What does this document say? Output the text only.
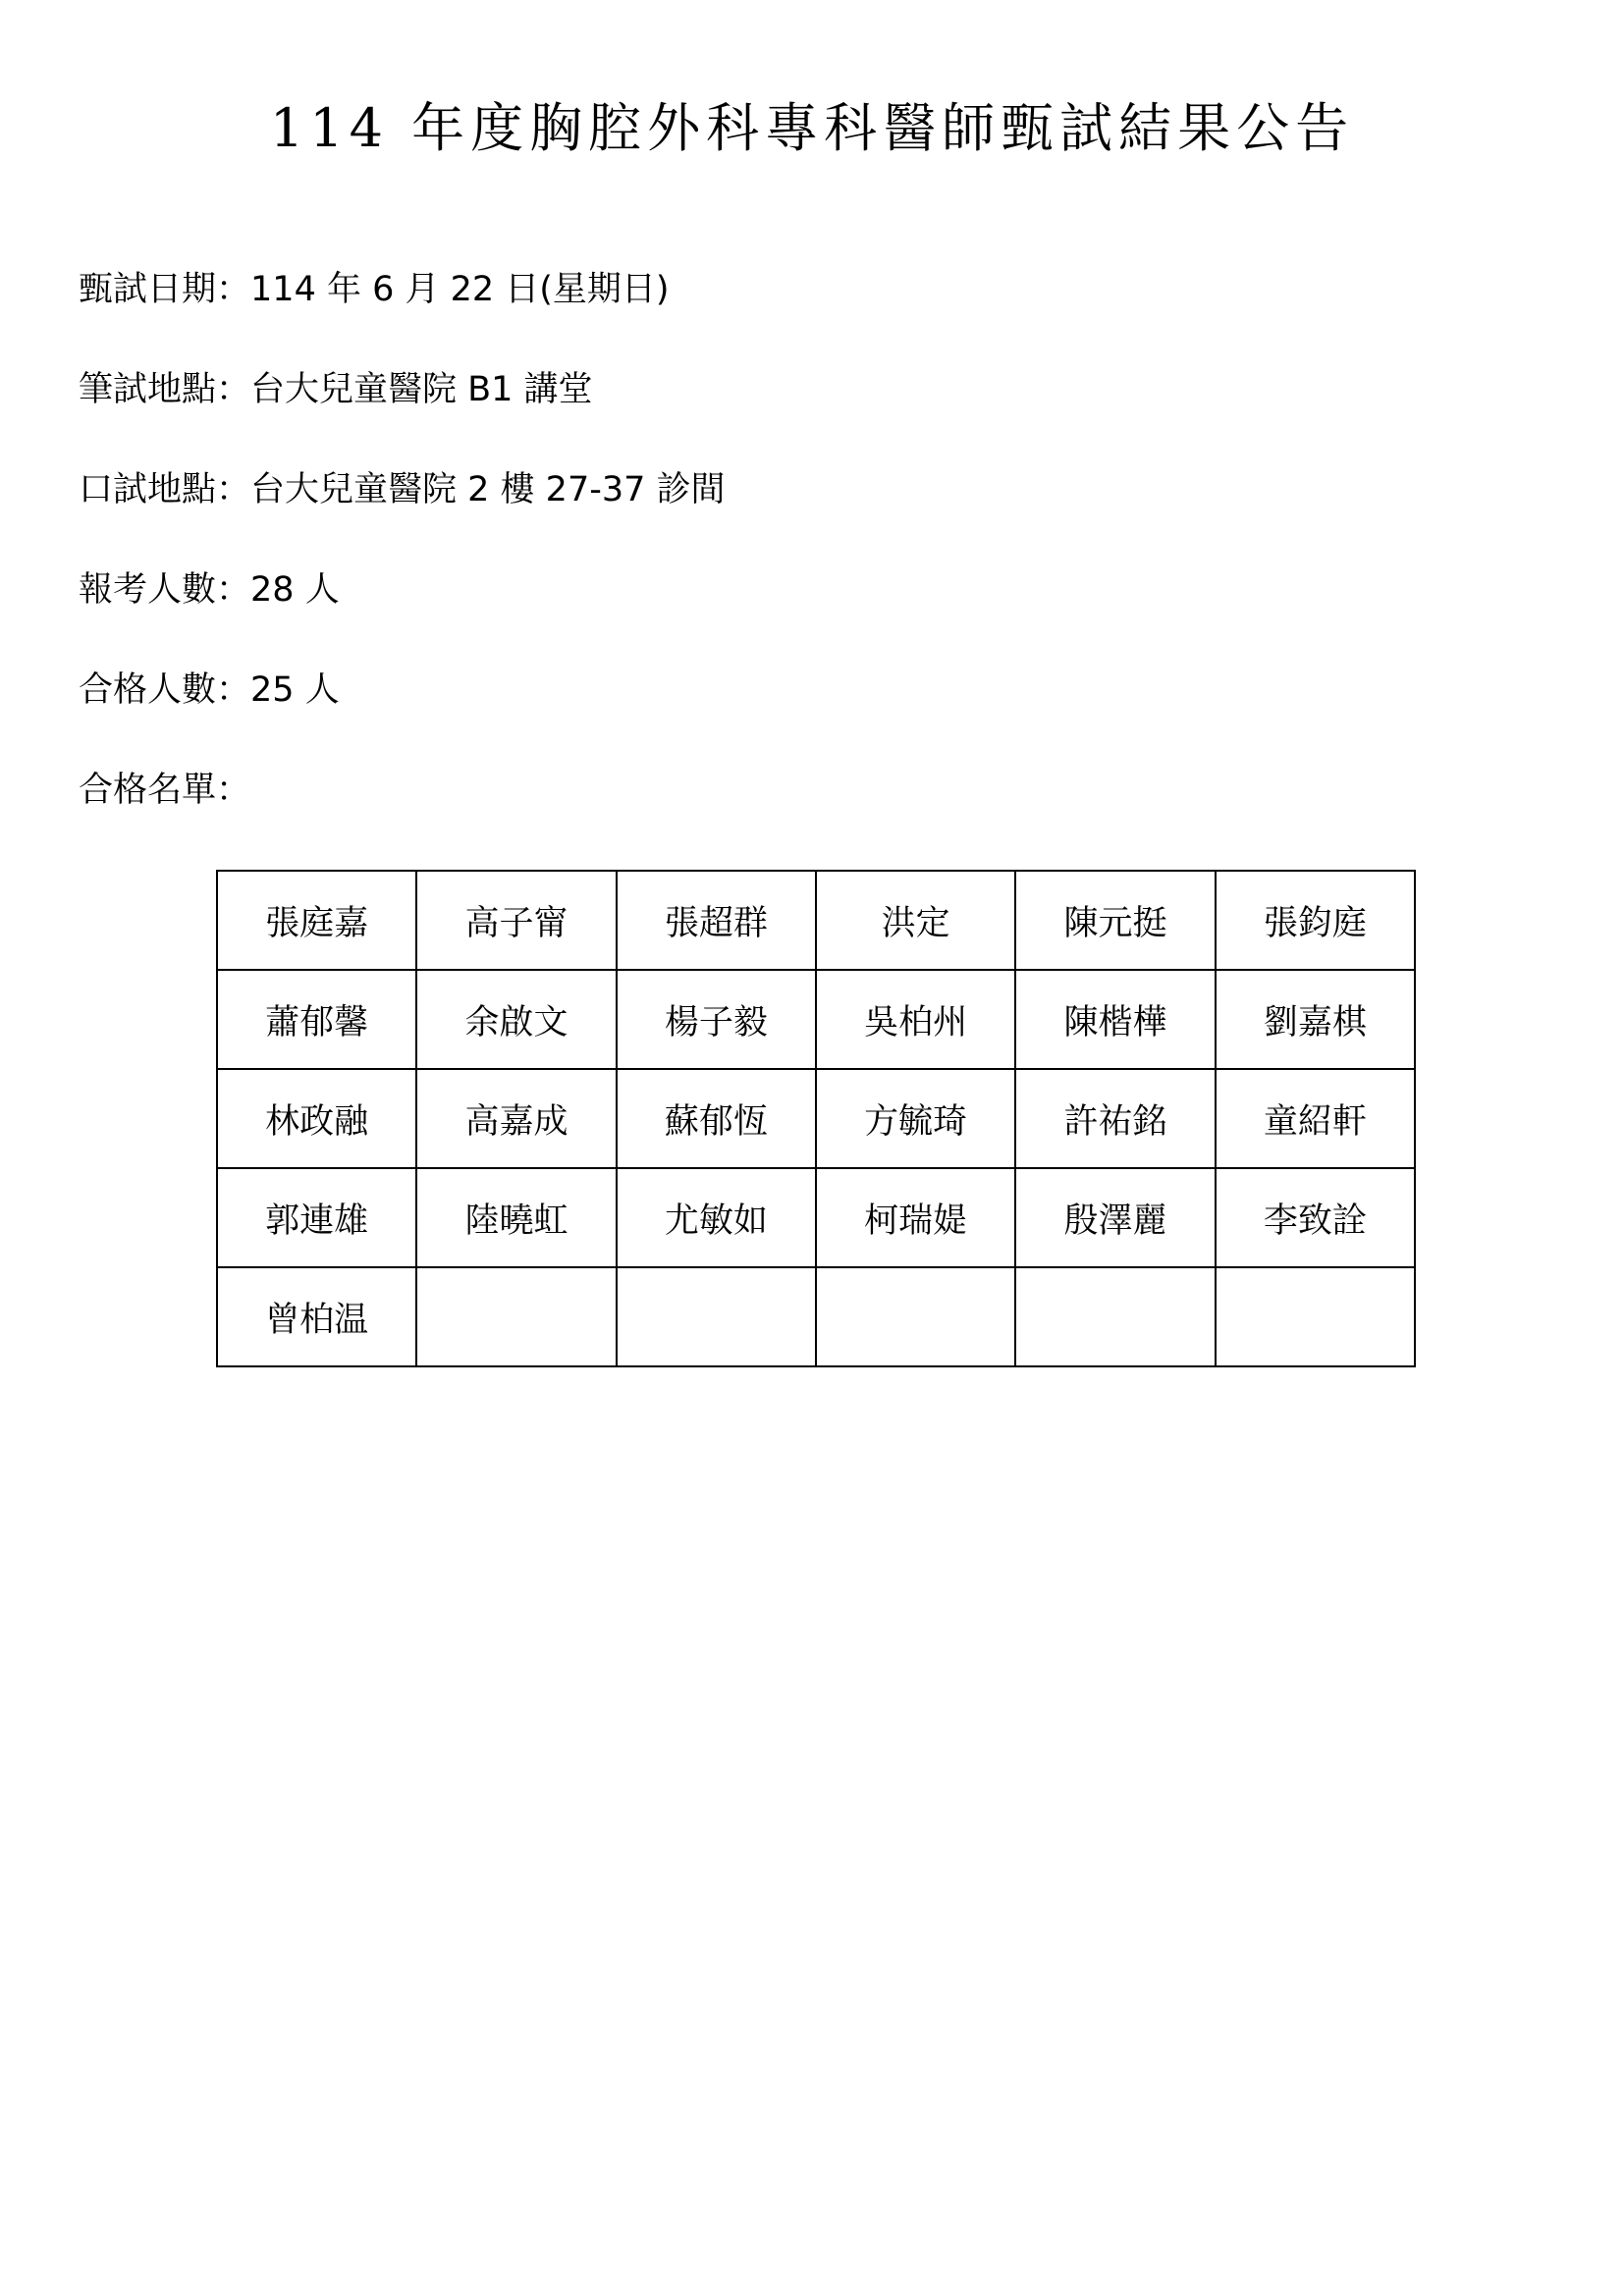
114 年度胸腔外科專科醫師甄試結果公告
甄試日期：114 年 6 月 22 日(星期日)
筆試地點：台大兒童醫院 B1 講堂
口試地點：台大兒童醫院 2 樓 27-37 診間
報考人數：28 人
合格人數：25 人
合格名單：
張庭嘉	高子甯	張超群	洪定	陳元挺	張鈞庭
蕭郁馨	余啟文	楊子毅	吳柏州	陳楷樺	劉嘉棋
林政融	高嘉成	蘇郁恆	方毓琦	許祐銘	童紹軒
郭連雄	陸曉虹	尤敏如	柯瑞媞	殷澤麗	李致詮
曾柏温					
